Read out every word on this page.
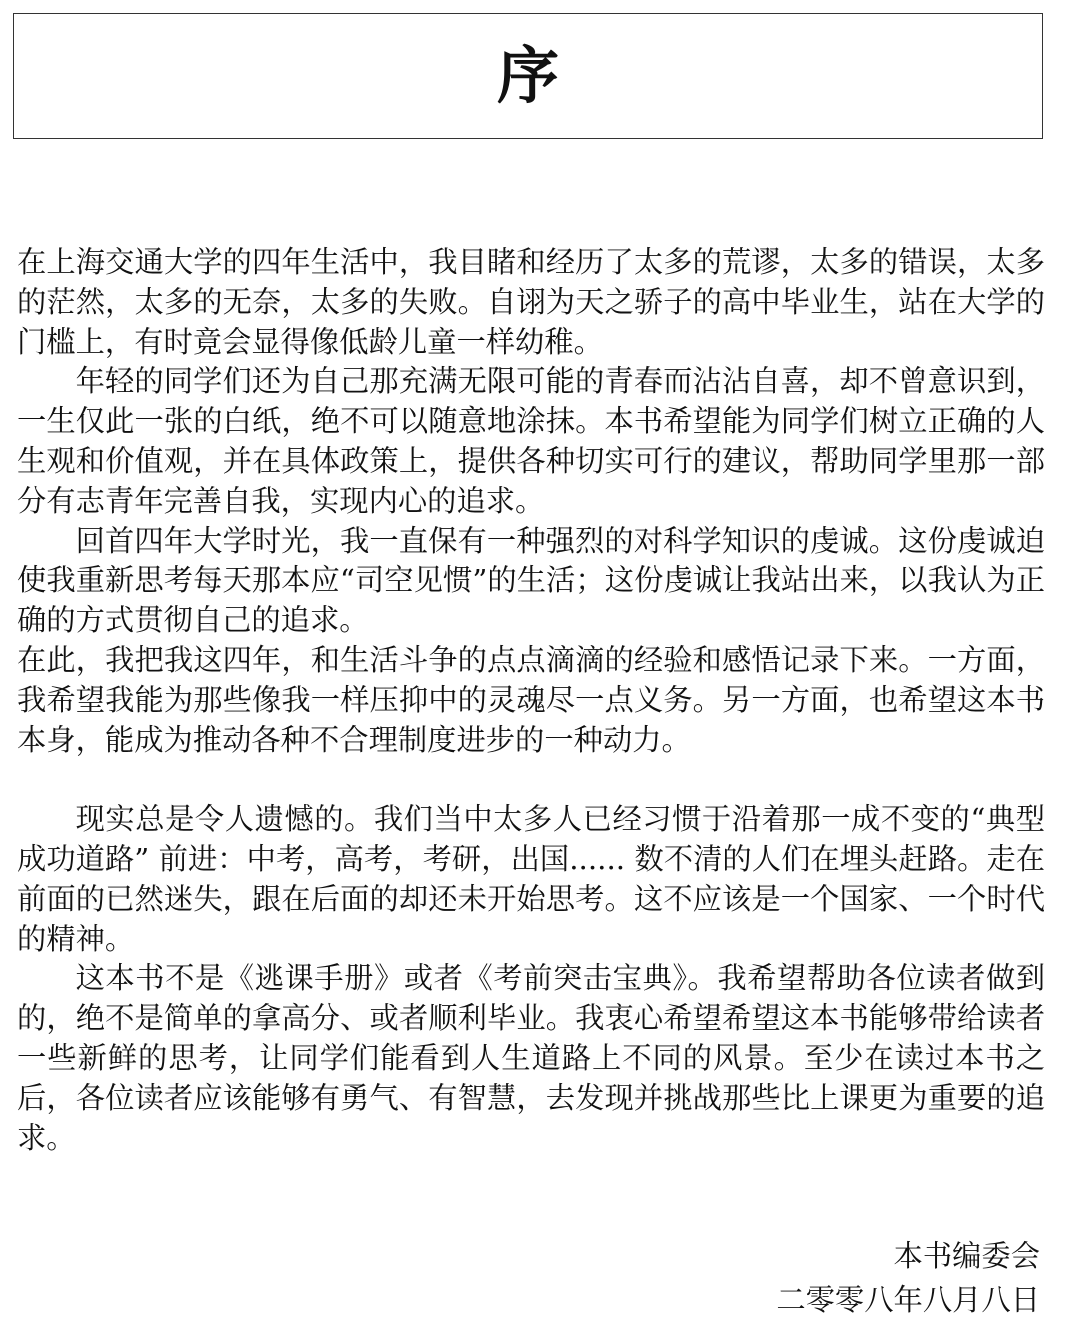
序

在上海交通大学的四年生活中，我目睹和经历了太多的荒谬，太多的错误，太多的茫然，太多的无奈，太多的失败。自诩为天之骄子的高中毕业生，站在大学的门槛上，有时竟会显得像低龄儿童一样幼稚。

年轻的同学们还为自己那充满无限可能的青春而沾沾自喜，却不曾意识到，一生仅此一张的白纸，绝不可以随意地涂抹。本书希望能为同学们树立正确的人生观和价值观，并在具体政策上，提供各种切实可行的建议，帮助同学里那一部分有志青年完善自我，实现内心的追求。

回首四年大学时光，我一直保有一种强烈的对科学知识的虔诚。这份虔诚迫使我重新思考每天那本应“司空见惯”的生活；这份虔诚让我站出来，以我认为正确的方式贯彻自己的追求。

在此，我把我这四年，和生活斗争的点点滴滴的经验和感悟记录下来。一方面，我希望我能为那些像我一样压抑中的灵魂尽一点义务。另一方面，也希望这本书本身，能成为推动各种不合理制度进步的一种动力。

现实总是令人遗憾的。我们当中太多人已经习惯于沿着那一成不变的“典型成功道路” 前进：中考，高考，考研，出国...... 数不清的人们在埋头赶路。走在前面的已然迷失，跟在后面的却还未开始思考。这不应该是一个国家、一个时代的精神。

这本书不是《逃课手册》或者《考前突击宝典》。我希望帮助各位读者做到的，绝不是简单的拿高分、或者顺利毕业。我衷心希望希望这本书能够带给读者一些新鲜的思考，让同学们能看到人生道路上不同的风景。至少在读过本书之后，各位读者应该能够有勇气、有智慧，去发现并挑战那些比上课更为重要的追求。

本书编委会
二零零八年八月八日
